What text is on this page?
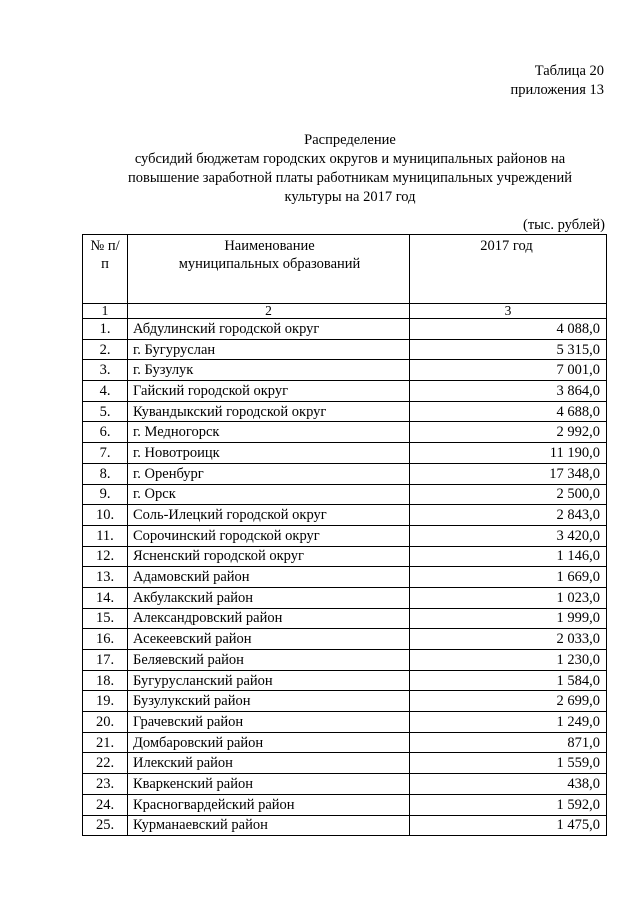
Таблица 20
приложения 13
Распределение
субсидий бюджетам городских округов и муниципальных районов на
повышение заработной платы работникам муниципальных учреждений
культуры на 2017 год
(тыс. рублей)
№ п/п	Наименование муниципальных образований	2017 год
1	2	3
1.	Абдулинский городской округ	4 088,0
2.	г. Бугуруслан	5 315,0
3.	г. Бузулук	7 001,0
4.	Гайский городской округ	3 864,0
5.	Кувандыкский городской округ	4 688,0
6.	г. Медногорск	2 992,0
7.	г. Новотроицк	11 190,0
8.	г. Оренбург	17 348,0
9.	г. Орск	2 500,0
10.	Соль-Илецкий городской округ	2 843,0
11.	Сорочинский городской округ	3 420,0
12.	Ясненский городской округ	1 146,0
13.	Адамовский район	1 669,0
14.	Акбулакский район	1 023,0
15.	Александровский район	1 999,0
16.	Асекеевский район	2 033,0
17.	Беляевский район	1 230,0
18.	Бугурусланский район	1 584,0
19.	Бузулукский район	2 699,0
20.	Грачевский район	1 249,0
21.	Домбаровский район	871,0
22.	Илекский район	1 559,0
23.	Кваркенский район	438,0
24.	Красногвардейский район	1 592,0
25.	Курманаевский район	1 475,0
